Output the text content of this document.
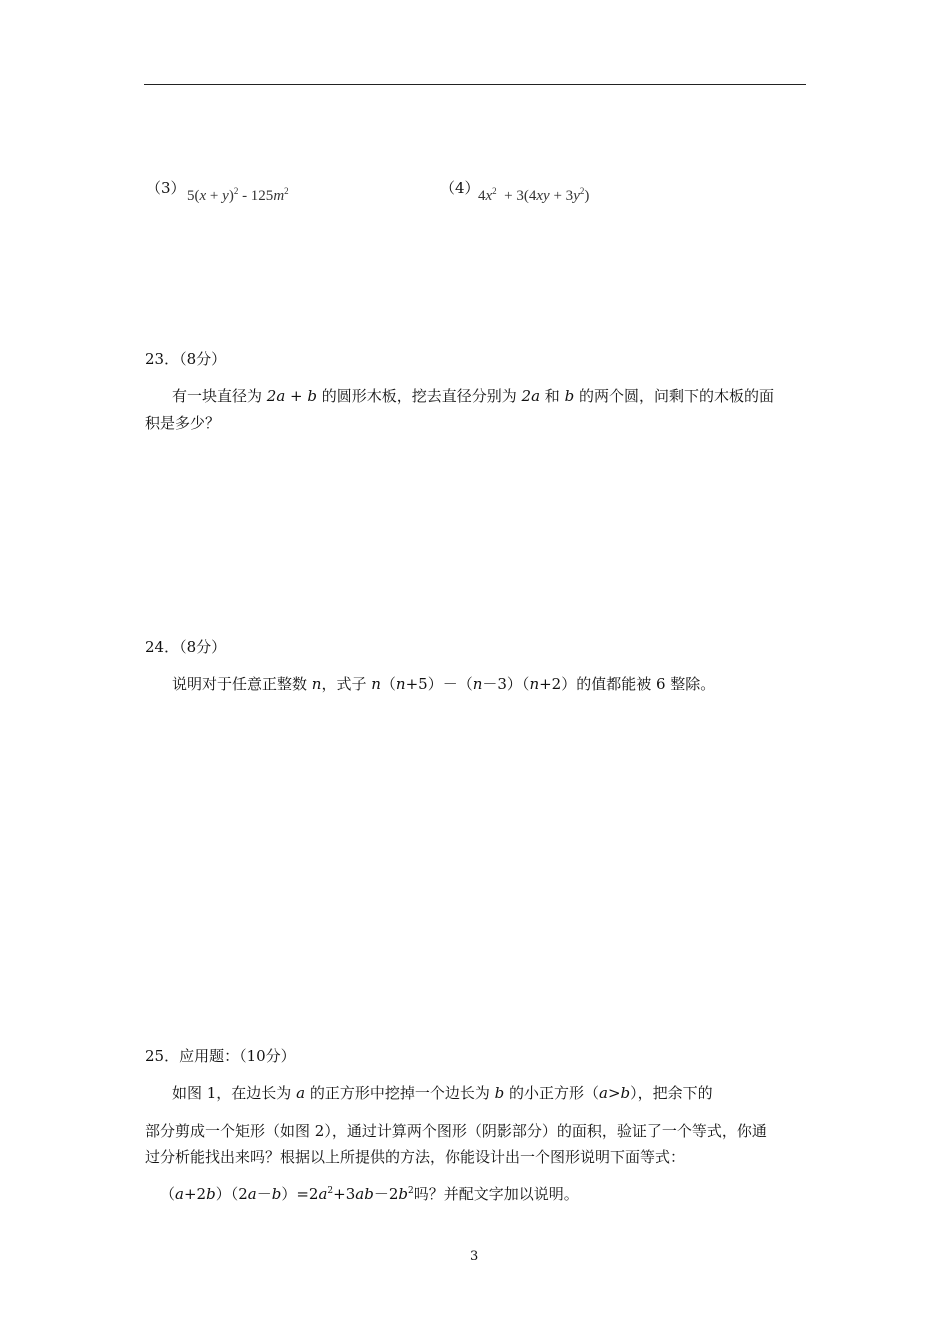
（3） $5(x + y)^2 - 125m^2$	（4）
$4x^2 + 3(4xy + 3y^2)$
23．（8分）
有一块直径为 2a + b 的圆形木板，挖去直径分别为 2a 和 b 的两个圆，问剩下的木板的面
积是多少？
24．（8分）
说明对于任意正整数 n，式子 n（n+5）－（n－3）（n+2）的值都能被 6 整除。
25．应用题：（10分）
如图 1，在边长为 a 的正方形中挖掉一个边长为 b 的小正方形（a>b），把余下的
部分剪成一个矩形（如图 2），通过计算两个图形（阴影部分）的面积，验证了一个等式，你通
过分析能找出来吗？根据以上所提供的方法，你能设计出一个图形说明下面等式：
$(a+2b)(2a-b)=2a^2+3ab-2b^2$吗？并配文字加以说明。
3
